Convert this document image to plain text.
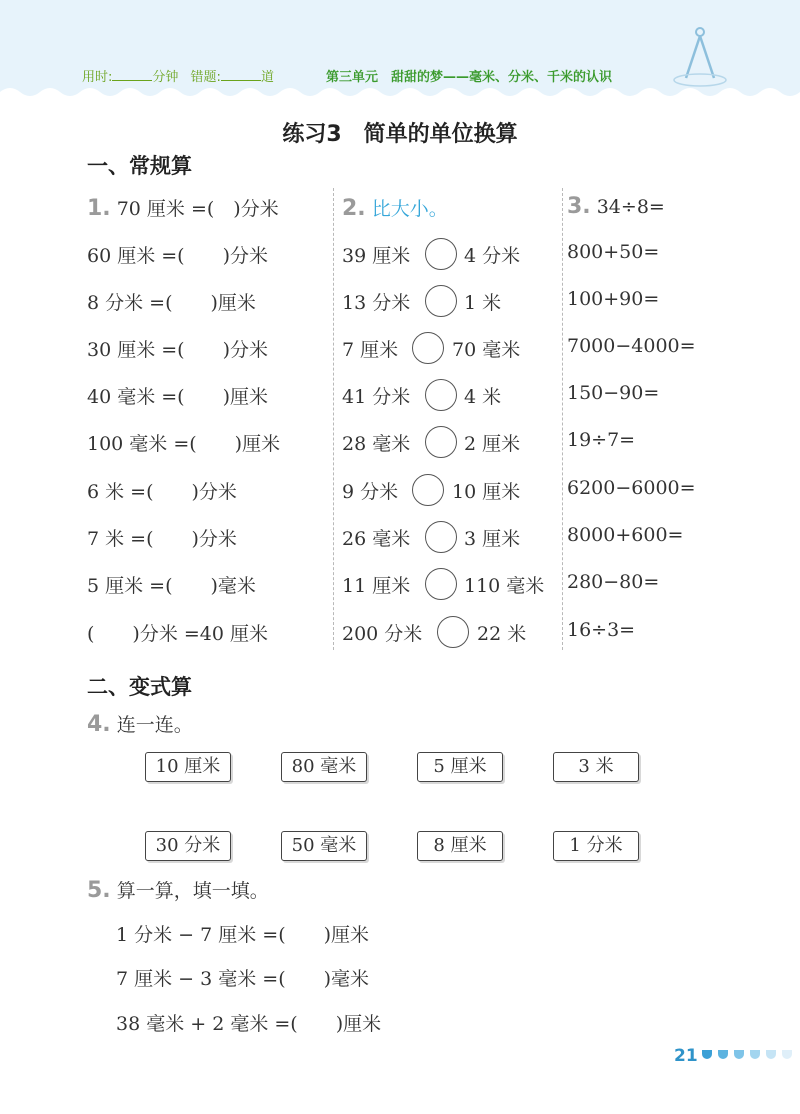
用时:	分钟 错题:	道	第三单元　甜甜的梦——毫米、分米、千米的认识
练习3　简单的单位换算
一、常规算
1. 70 厘米 =(　)分米
60 厘米 =(　　)分米
8 分米 =(　　)厘米
30 厘米 =(　　)分米
40 毫米 =(　　)厘米
100 毫米 =(　　)厘米
6 米 =(　　)分米
7 米 =(　　)分米
5 厘米 =(　　)毫米
(　　)分米 =40 厘米
2. 比大小。
39 厘米	4 分米
13 分米	1 米
7 厘米	70 毫米
41 分米	4 米
28 毫米	2 厘米
9 分米	10 厘米
26 毫米	3 厘米
11 厘米	110 毫米
200 分米	22 米
3. 34÷8=
800+50=
100+90=
7000−4000=
150−90=
19÷7=
6200−6000=
8000+600=
280−80=
16÷3=
二、变式算
4. 连一连。
10 厘米	80 毫米	5 厘米	3 米
30 分米	50 毫米	8 厘米	1 分米
5. 算一算，填一填。
1 分米 − 7 厘米 =(　　)厘米
7 厘米 − 3 毫米 =(　　)毫米
38 毫米 + 2 毫米 =(　　)厘米
21
